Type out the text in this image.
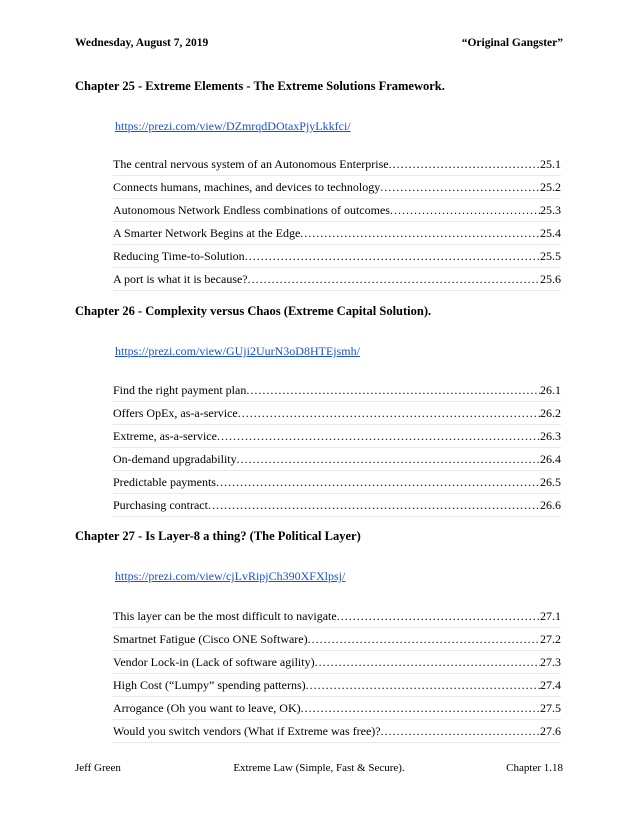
Wednesday, August 7, 2019	“Original Gangster”
Chapter 25 - Extreme Elements - The Extreme Solutions Framework.
https://prezi.com/view/DZmrqdDOtaxPjyLkkfci/
The central nervous system of an Autonomous Enterprise .....	25.1
Connects humans, machines, and devices to technology .....	25.2
Autonomous Network Endless combinations of outcomes .....	25.3
A Smarter Network Begins at the Edge .....	25.4
Reducing Time-to-Solution .....	25.5
A port is what it is because? .....	25.6
Chapter 26 - Complexity versus Chaos (Extreme Capital Solution).
https://prezi.com/view/GUji2UurN3oD8HTEjsmh/
Find the right payment plan .....	26.1
Offers OpEx, as-a-service .....	26.2
Extreme, as-a-service .....	26.3
On-demand upgradability .....	26.4
Predictable payments .....	26.5
Purchasing contract .....	26.6
Chapter 27 - Is Layer-8 a thing? (The Political Layer)
https://prezi.com/view/cjLvRipjCh390XFXlpsj/
This layer can be the most difficult to navigate .....	27.1
Smartnet Fatigue (Cisco ONE Software) .....	27.2
Vendor Lock-in (Lack of software agility) .....	27.3
High Cost (“Lumpy” spending patterns) .....	27.4
Arrogance (Oh you want to leave, OK) .....	27.5
Would you switch vendors (What if Extreme was free)? .....	27.6
Jeff Green	Extreme Law (Simple, Fast & Secure).	Chapter 1.18
